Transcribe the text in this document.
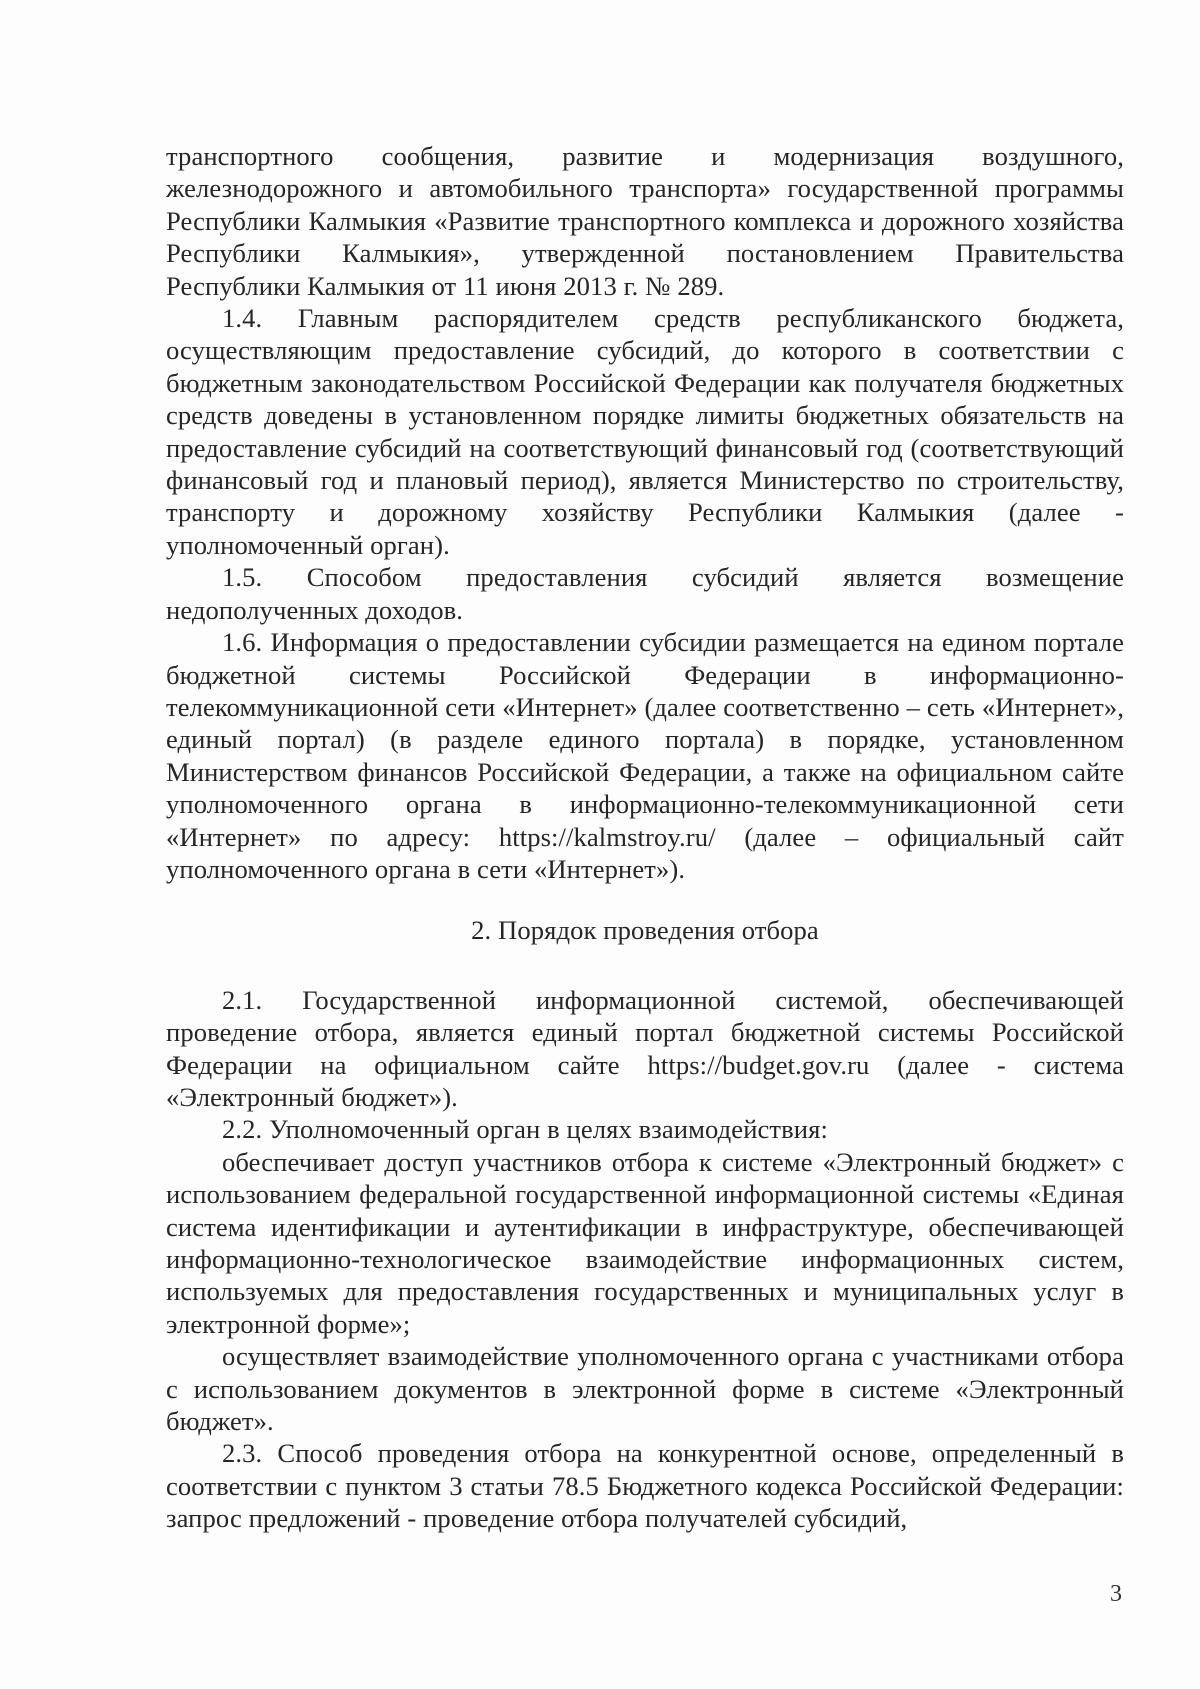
транспортного сообщения, развитие и модернизация воздушного, железнодорожного и автомобильного транспорта» государственной программы Республики Калмыкия «Развитие транспортного комплекса и дорожного хозяйства Республики Калмыкия», утвержденной постановлением Правительства Республики Калмыкия от 11 июня 2013 г. № 289.

1.4. Главным распорядителем средств республиканского бюджета, осуществляющим предоставление субсидий, до которого в соответствии с бюджетным законодательством Российской Федерации как получателя бюджетных средств доведены в установленном порядке лимиты бюджетных обязательств на предоставление субсидий на соответствующий финансовый год (соответствующий финансовый год и плановый период), является Министерство по строительству, транспорту и дорожному хозяйству Республики Калмыкия (далее - уполномоченный орган).

1.5. Способом предоставления субсидий является возмещение недополученных доходов.

1.6. Информация о предоставлении субсидии размещается на едином портале бюджетной системы Российской Федерации в информационно-телекоммуникационной сети «Интернет» (далее соответственно – сеть «Интернет», единый портал) (в разделе единого портала) в порядке, установленном Министерством финансов Российской Федерации, а также на официальном сайте уполномоченного органа в информационно-телекоммуникационной сети «Интернет» по адресу: https://kalmstroy.ru/ (далее – официальный сайт уполномоченного органа в сети «Интернет»).

2. Порядок проведения отбора

2.1. Государственной информационной системой, обеспечивающей проведение отбора, является единый портал бюджетной системы Российской Федерации на официальном сайте https://budget.gov.ru (далее - система «Электронный бюджет»).

2.2. Уполномоченный орган в целях взаимодействия:

обеспечивает доступ участников отбора к системе «Электронный бюджет» с использованием федеральной государственной информационной системы «Единая система идентификации и аутентификации в инфраструктуре, обеспечивающей информационно-технологическое взаимодействие информационных систем, используемых для предоставления государственных и муниципальных услуг в электронной форме»;

осуществляет взаимодействие уполномоченного органа с участниками отбора с использованием документов в электронной форме в системе «Электронный бюджет».

2.3. Способ проведения отбора на конкурентной основе, определенный в соответствии с пунктом 3 статьи 78.5 Бюджетного кодекса Российской Федерации: запрос предложений - проведение отбора получателей субсидий,

3
